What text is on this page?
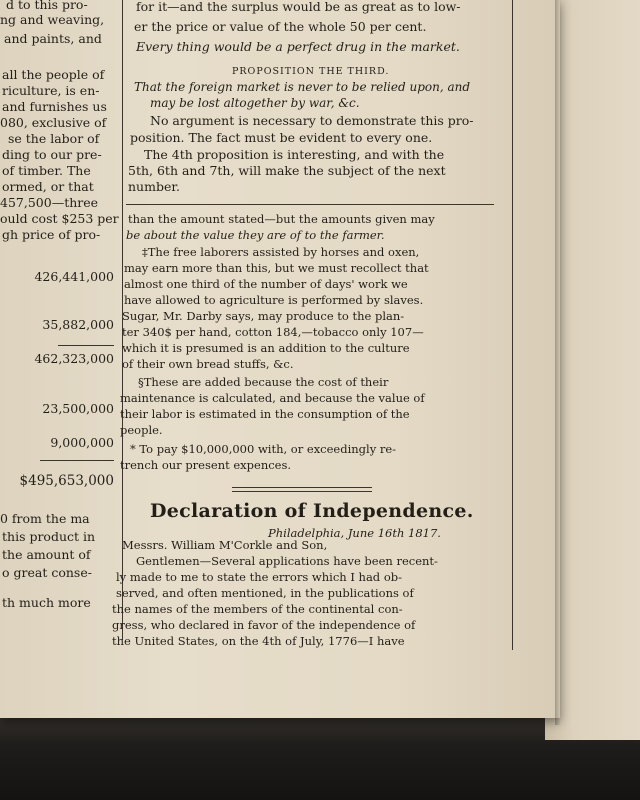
d to this pro-
ng and weaving,
and paints, and
all the people of
riculture, is en-
and furnishes us
080, exclusive of
se the labor of
ding to our pre-
of timber. The
ormed, or that
457,500—three
ould cost $253 per
gh price of pro-
426,441,000
35,882,000
462,323,000
23,500,000
9,000,000
$495,653,000
0 from the ma
this product in
the amount of
o great conse-
th much more
for it—and the surplus would be as great as to low-
er the price or value of the whole 50 per cent.
Every thing would be a perfect drug in the market.
PROPOSITION THE THIRD.
That the foreign market is never to be relied upon, and
may be lost altogether by war, &c.
No argument is necessary to demonstrate this pro-
position. The fact must be evident to every one.
The 4th proposition is interesting, and with the
5th, 6th and 7th, will make the subject of the next
number.
than the amount stated—but the amounts given may
be about the value they are of to the farmer.
‡The free laborers assisted by horses and oxen,
may earn more than this, but we must recollect that
almost one third of the number of days' work we
have allowed to agriculture is performed by slaves.
Sugar, Mr. Darby says, may produce to the plan-
ter 340$ per hand, cotton 184,—tobacco only 107—
which it is presumed is an addition to the culture
of their own bread stuffs, &c.
§These are added because the cost of their
maintenance is calculated, and because the value of
their labor is estimated in the consumption of the
people.
* To pay $10,000,000 with, or exceedingly re-
trench our present expences.
Declaration of Independence.
Philadelphia, June 16th 1817.
Messrs. William M'Corkle and Son,
Gentlemen—Several applications have been recent-
ly made to me to state the errors which I had ob-
served, and often mentioned, in the publications of
the names of the members of the continental con-
gress, who declared in favor of the independence of
the United States, on the 4th of July, 1776—I have
